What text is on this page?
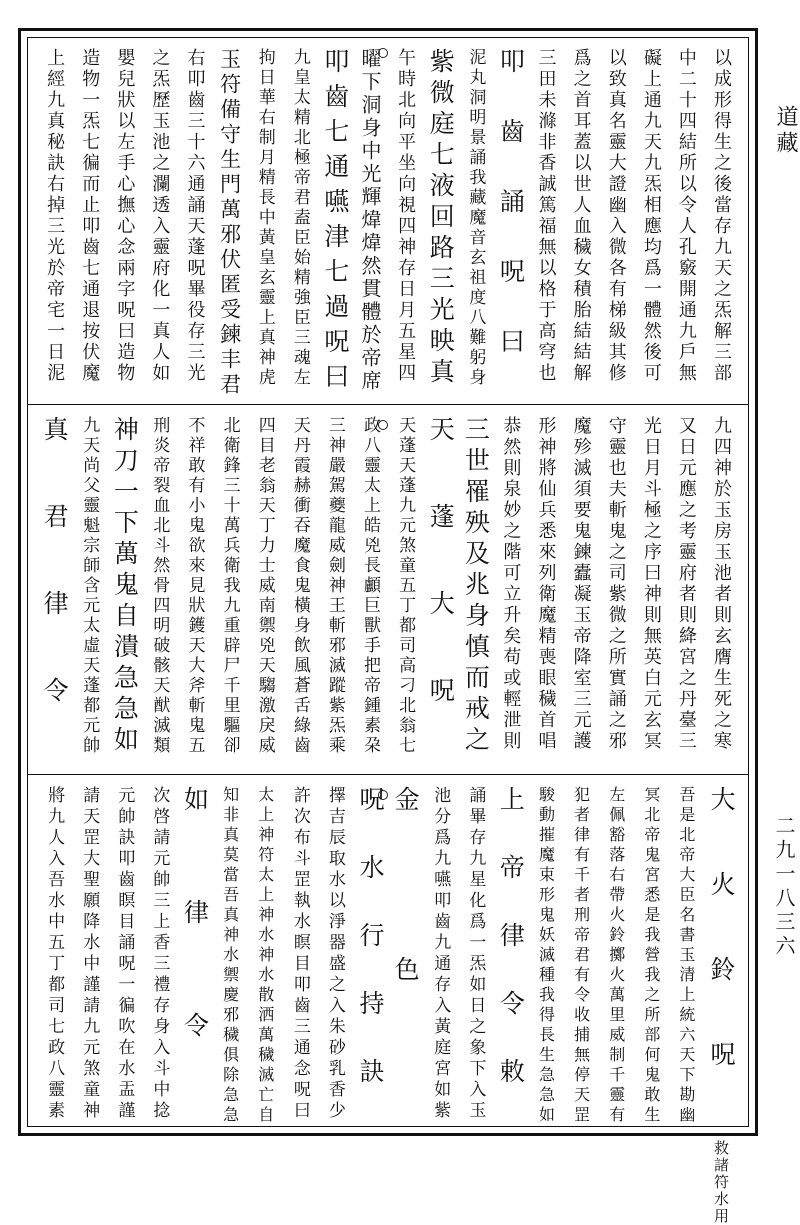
以成形得生之後當存九天之炁解三部
中二十四結所以令人孔竅開通九戶無
礙上通九天九炁相應均爲一體然後可
以致真名靈大證幽入微各有梯級其修
爲之首耳蓋以世人血穢女積胎結結解
三田未滌非香誠篤福無以格于高穹也
叩齒誦呪曰
泥丸洞明景誦我藏魔音玄祖度八難躬身
紫微庭七液回路三光映真
午時北向平坐向視四神存日月五星四
曜下洞身中光輝煒煒然貫體於帝席
叩齒七通嚥津七過呪曰
九皇太精北極帝君盍臣始精強臣三魂左
拘日華右制月精長中黃皇玄靈上真神虎
玉符備守生門萬邪伏匿受鍊丰君
右叩齒三十六通誦天蓬呪畢役存三光
之炁歷玉池之瀾透入靈府化一真人如
嬰兒狀以左手心撫心念兩字呪曰造物
造物一炁七徧而止叩齒七通退按伏魔
上經九真秘訣右掉三光於帝宅一日泥
九四神於玉房玉池者則玄膺生死之寒
又日元應之考靈府者則絳宮之丹臺三
光日月斗極之序曰神則無英白元玄冥
守靈也夫斬鬼之司紫微之所實誦之邪
魔殄滅須要鬼鍊蠹凝玉帝降室三元護
形神將仙兵悉來列衛魔精喪眼穢首唱
恭然則泉妙之階可立升矣苟或輕泄則
三世罹殃及兆身慎而戒之
天蓬大呪
天蓬天蓬九元煞童五丁都司高刁北翁七
政八靈太上皓兇長顱巨獸手把帝鍾素朶
三神嚴駕夔龍威劍神王斬邪滅蹤紫炁乘
天丹霞赫衝吞魔食鬼橫身飲風蒼舌綠齒
四目老翁天丁力士威南禦兇天騶激戾威
北衛鋒三十萬兵衛我九重辟尸千里驅卻
不祥敢有小鬼欲來見狀鑊天大斧斬鬼五
刑炎帝裂血北斗然骨四明破骸天猷滅類
神刀一下萬鬼自潰急急如
九天尚父靈魁宗師含元太虛天蓬都元帥
真君律令
大火鈴呪救諸符水用
吾是北帝大臣名書玉清上統六天下勘幽
冥北帝鬼宮悉是我營我之所部何鬼敢生
左佩豁落右帶火鈴擲火萬里威制千靈有
犯者律有千者刑帝君有令收捕無停天罡
駿動摧魔束形鬼妖滅種我得長生急急如
上帝律令敕
誦畢存九星化爲一炁如日之象下入玉
池分爲九嚥叩齒九通存入黃庭宮如紫
金色
呪水行持訣
擇吉辰取水以淨器盛之入朱砂乳香少
許次布斗罡執水瞑目叩齒三通念呪曰
太上神符太上神水神水散洒萬穢滅亡自
知非真莫當吾真神水禦慶邪穢俱除急急
如律令
次啓請元帥三上香三禮存身入斗中捻
元帥訣叩齒瞑目誦呪一徧吹在水盂謹
請天罡大聖願降水中謹請九元煞童神
將九人入吾水中五丁都司七政八靈素
道藏
二九一八三六
